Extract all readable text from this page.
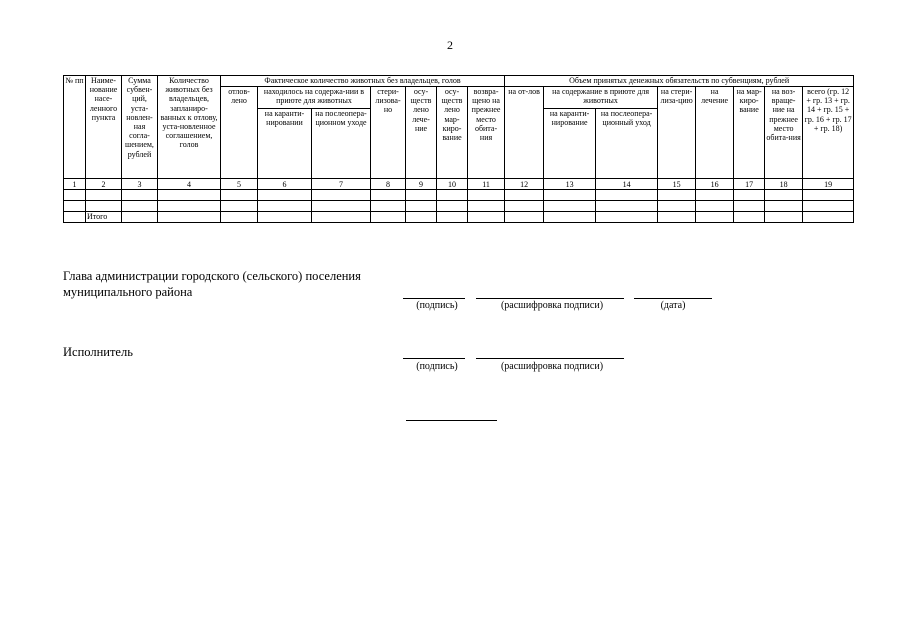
2
№ пп	Наиме-нование насе-ленного пункта	Сумма субвен-ций, уста-новлен-ная согла-шением, рублей	Количество животных без владельцев, запланиро-ванных к отлову, уста-новленное соглашением, голов	Фактическое количество животных без владельцев, голов							Объем принятых денежных обязательств по субвенциям, рублей							
				отлов-лено	находилось на содержа-нии в приюте для животных		стери-лизова-но	осу-ществ лено лече-ние	осу-ществ лено мар-киро-вание	возвра-щено на прежнее место обита-ния	на от-лов	на содержание в приюте для животных		на стери-лиза-цию	на лечение	на мар-киро-вание	на воз-враще-ние на прежнее место обита-ния	всего (гр. 12 + гр. 13 + гр. 14 + гр. 15 + гр. 16 + гр. 17 + гр. 18)
					на каранти-нировании	на послеопера-ционном уходе						на каранти-нирование	на послеопера-ционный уход					
1	2	3	4	5	6	7	8	9	10	11	12	13	14	15	16	17	18	19

	Итого																	
Глава администрации городского (сельского) поселения
муниципального района
(подпись)	(расшифровка подписи)	(дата)
Исполнитель
(подпись)	(расшифровка подписи)
